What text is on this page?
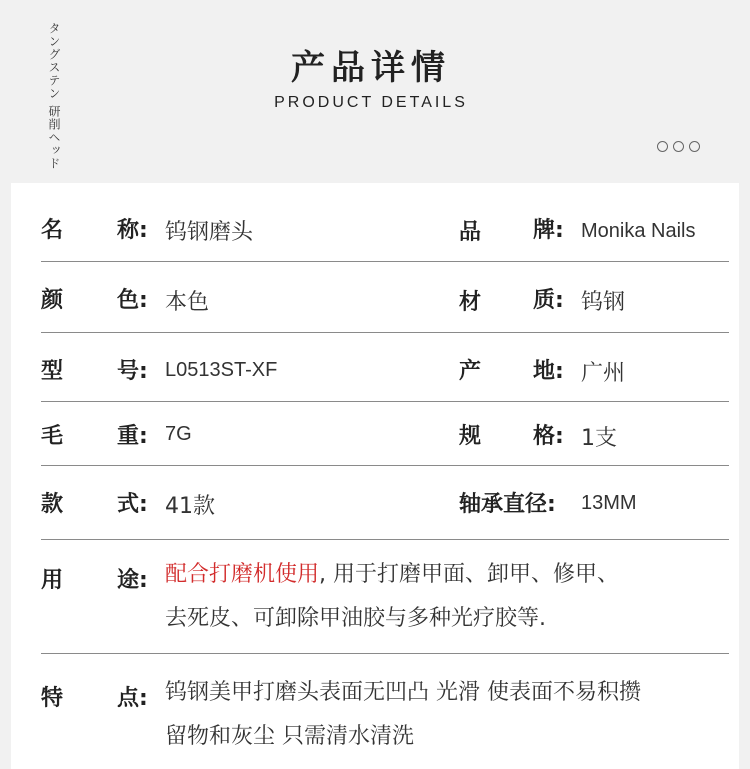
タングステン 研削ヘッド	产品详情
PRODUCT DETAILS
名 称: 钨钢磨头	品 牌: Monika Nails
颜 色: 本色	材 质: 钨钢
型 号: L0513ST-XF	产 地: 广州
毛 重: 7G	规 格: 1支
款 式: 41款	轴承直径: 13MM
用 途: 配合打磨机使用, 用于打磨甲面、卸甲、修甲、
去死皮、可卸除甲油胶与多种光疗胶等.
特 点: 钨钢美甲打磨头表面无凹凸 光滑 使表面不易积攒
留物和灰尘 只需清水清洗
